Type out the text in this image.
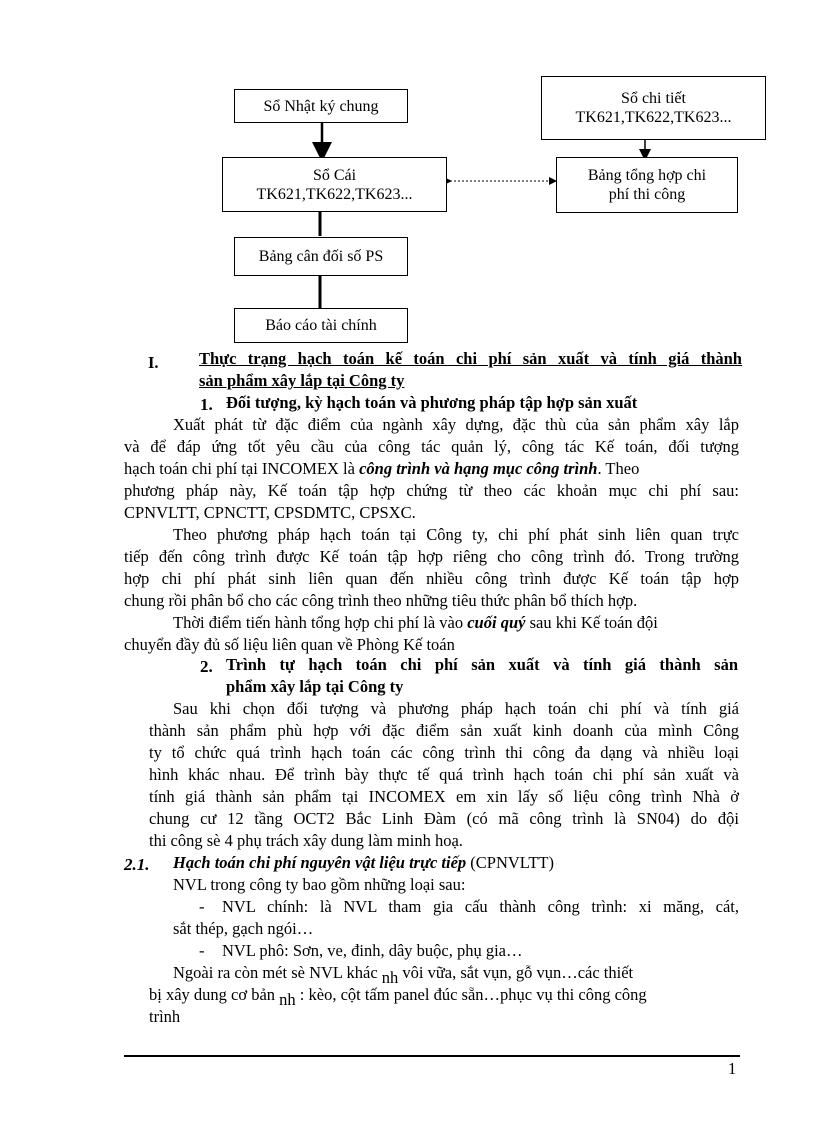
Sổ Nhật ký chung	Sổ chi tiết
TK621,TK622,TK623...
Sổ Cái
TK621,TK622,TK623...
Bảng tổng hợp chi
phí thi công
Bảng cân đối số PS
Báo cáo tài chính
I. Thực trạng hạch toán kế toán chi phí sản xuất và tính giá thành
sản phẩm xây lắp tại Công ty
1. Đối tượng, kỳ hạch toán và phương pháp tập hợp sản xuất
Xuất phát từ đặc điểm của ngành xây dựng, đặc thù của sản phẩm xây lắp
và để đáp ứng tốt yêu cầu của công tác quản lý, công tác Kế toán, đối tượng
hạch toán chi phí tại INCOMEX là công trình và hạng mục công trình. Theo
phương pháp này, Kế toán tập hợp chứng từ theo các khoản mục chi phí sau:
CPNVLTT, CPNCTT, CPSDMTC, CPSXC.
Theo phương pháp hạch toán tại Công ty, chi phí phát sinh liên quan trực
tiếp đến công trình được Kế toán tập hợp riêng cho công trình đó. Trong trường
hợp chi phí phát sinh liên quan đến nhiều công trình được Kế toán tập hợp
chung rồi phân bổ cho các công trình theo những tiêu thức phân bổ thích hợp.
Thời điểm tiến hành tổng hợp chi phí là vào cuối quý sau khi Kế toán đội
chuyển đầy đủ số liệu liên quan về Phòng Kế toán
2. Trình tự hạch toán chi phí sản xuất và tính giá thành sản
phẩm xây lắp tại Công ty
Sau khi chọn đối tượng và phương pháp hạch toán chi phí và tính giá
thành sản phẩm phù hợp với đặc điểm sản xuất kinh doanh của mình Công
ty tổ chức quá trình hạch toán các công trình thi công đa dạng và nhiều loại
hình khác nhau. Để trình bày thực tế quá trình hạch toán chi phí sản xuất và
tính giá thành sản phẩm tại INCOMEX em xin lấy số liệu công trình Nhà ở
chung cư 12 tầng OCT2 Bắc Linh Đàm (có mã công trình là SN04) do đội
thi công sè 4 phụ trách xây dung làm minh hoạ.
2.1. Hạch toán chi phí nguyên vật liệu trực tiếp (CPNVLTT)
NVL trong công ty bao gồm những loại sau:
- NVL chính: là NVL tham gia cấu thành công trình: xi măng, cát,
sắt thép, gạch ngói…
- NVL phô: Sơn, ve, đinh, dây buộc, phụ gia…
Ngoài ra còn mét sè NVL khác nh vôi vữa, sắt vụn, gỗ vụn…các thiết
bị xây dung cơ bản nh : kèo, cột tấm panel đúc sẵn…phục vụ thi công công
trình
1
